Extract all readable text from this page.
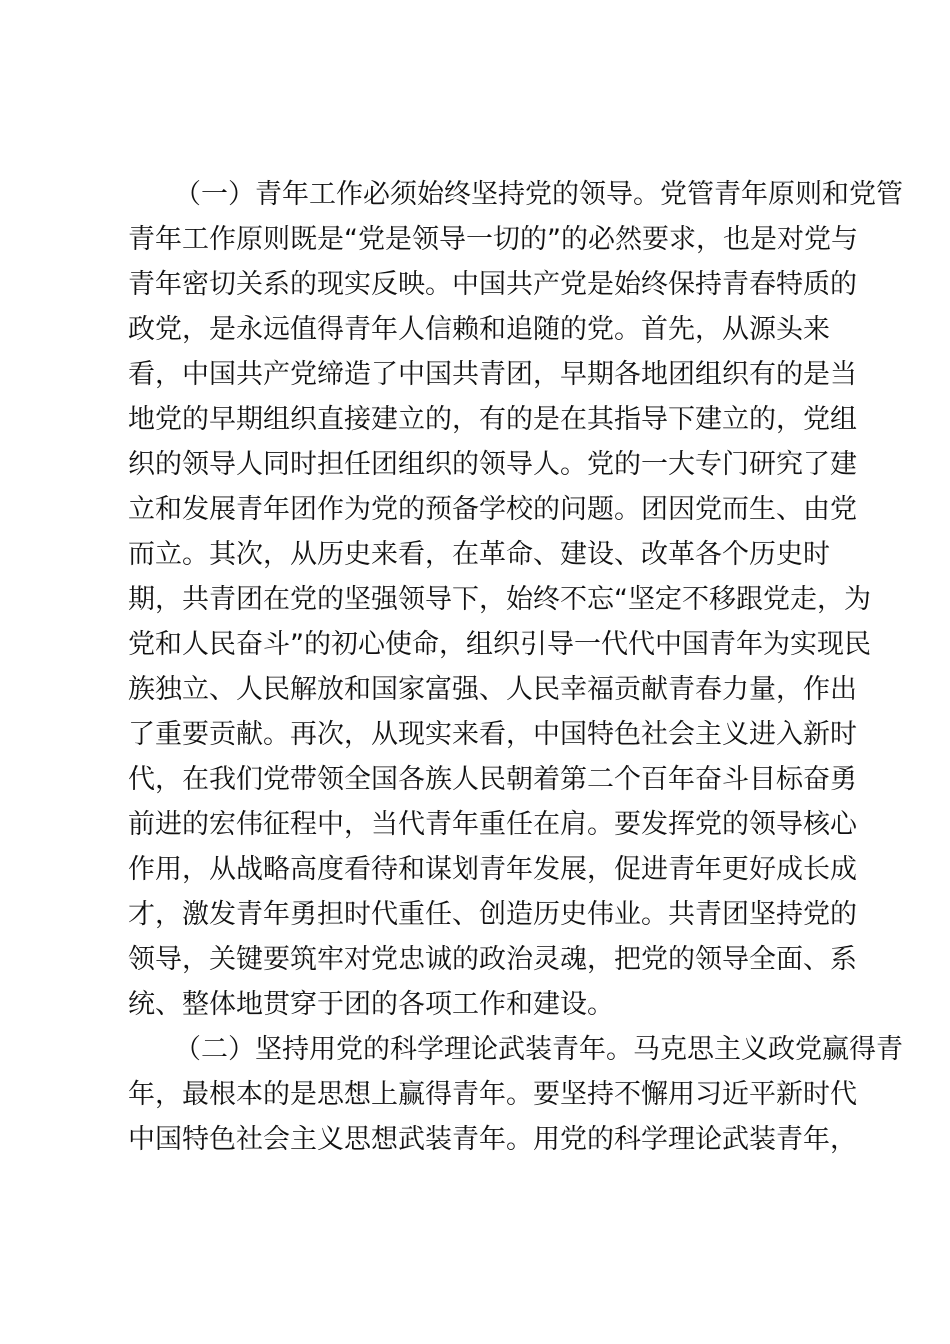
（一）青年工作必须始终坚持党的领导。党管青年原则和党管
青年工作原则既是“党是领导一切的”的必然要求，也是对党与
青年密切关系的现实反映。中国共产党是始终保持青春特质的
政党，是永远值得青年人信赖和追随的党。首先，从源头来
看，中国共产党缔造了中国共青团，早期各地团组织有的是当
地党的早期组织直接建立的，有的是在其指导下建立的，党组
织的领导人同时担任团组织的领导人。党的一大专门研究了建
立和发展青年团作为党的预备学校的问题。团因党而生、由党
而立。其次，从历史来看，在革命、建设、改革各个历史时
期，共青团在党的坚强领导下，始终不忘“坚定不移跟党走，为
党和人民奋斗”的初心使命，组织引导一代代中国青年为实现民
族独立、人民解放和国家富强、人民幸福贡献青春力量，作出
了重要贡献。再次，从现实来看，中国特色社会主义进入新时
代，在我们党带领全国各族人民朝着第二个百年奋斗目标奋勇
前进的宏伟征程中，当代青年重任在肩。要发挥党的领导核心
作用，从战略高度看待和谋划青年发展，促进青年更好成长成
才，激发青年勇担时代重任、创造历史伟业。共青团坚持党的
领导，关键要筑牢对党忠诚的政治灵魂，把党的领导全面、系
统、整体地贯穿于团的各项工作和建设。
（二）坚持用党的科学理论武装青年。马克思主义政党赢得青
年，最根本的是思想上赢得青年。要坚持不懈用习近平新时代
中国特色社会主义思想武装青年。用党的科学理论武装青年，
